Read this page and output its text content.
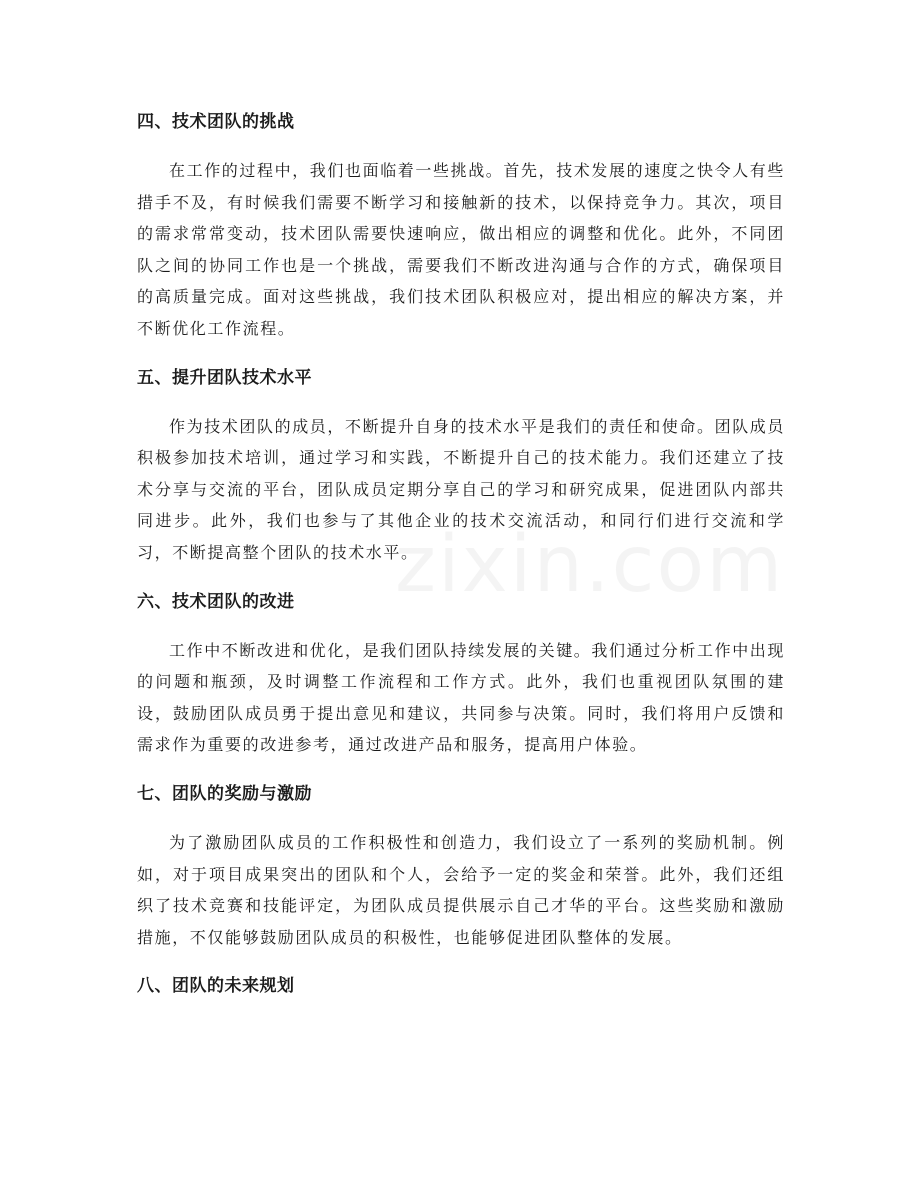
四、技术团队的挑战

在工作的过程中，我们也面临着一些挑战。首先，技术发展的速度之快令人有些措手不及，有时候我们需要不断学习和接触新的技术，以保持竞争力。其次，项目的需求常常变动，技术团队需要快速响应，做出相应的调整和优化。此外，不同团队之间的协同工作也是一个挑战，需要我们不断改进沟通与合作的方式，确保项目的高质量完成。面对这些挑战，我们技术团队积极应对，提出相应的解决方案，并不断优化工作流程。

五、提升团队技术水平

作为技术团队的成员，不断提升自身的技术水平是我们的责任和使命。团队成员积极参加技术培训，通过学习和实践，不断提升自己的技术能力。我们还建立了技术分享与交流的平台，团队成员定期分享自己的学习和研究成果，促进团队内部共同进步。此外，我们也参与了其他企业的技术交流活动，和同行们进行交流和学习，不断提高整个团队的技术水平。

六、技术团队的改进

工作中不断改进和优化，是我们团队持续发展的关键。我们通过分析工作中出现的问题和瓶颈，及时调整工作流程和工作方式。此外，我们也重视团队氛围的建设，鼓励团队成员勇于提出意见和建议，共同参与决策。同时，我们将用户反馈和需求作为重要的改进参考，通过改进产品和服务，提高用户体验。

七、团队的奖励与激励

为了激励团队成员的工作积极性和创造力，我们设立了一系列的奖励机制。例如，对于项目成果突出的团队和个人，会给予一定的奖金和荣誉。此外，我们还组织了技术竞赛和技能评定，为团队成员提供展示自己才华的平台。这些奖励和激励措施，不仅能够鼓励团队成员的积极性，也能够促进团队整体的发展。

八、团队的未来规划
